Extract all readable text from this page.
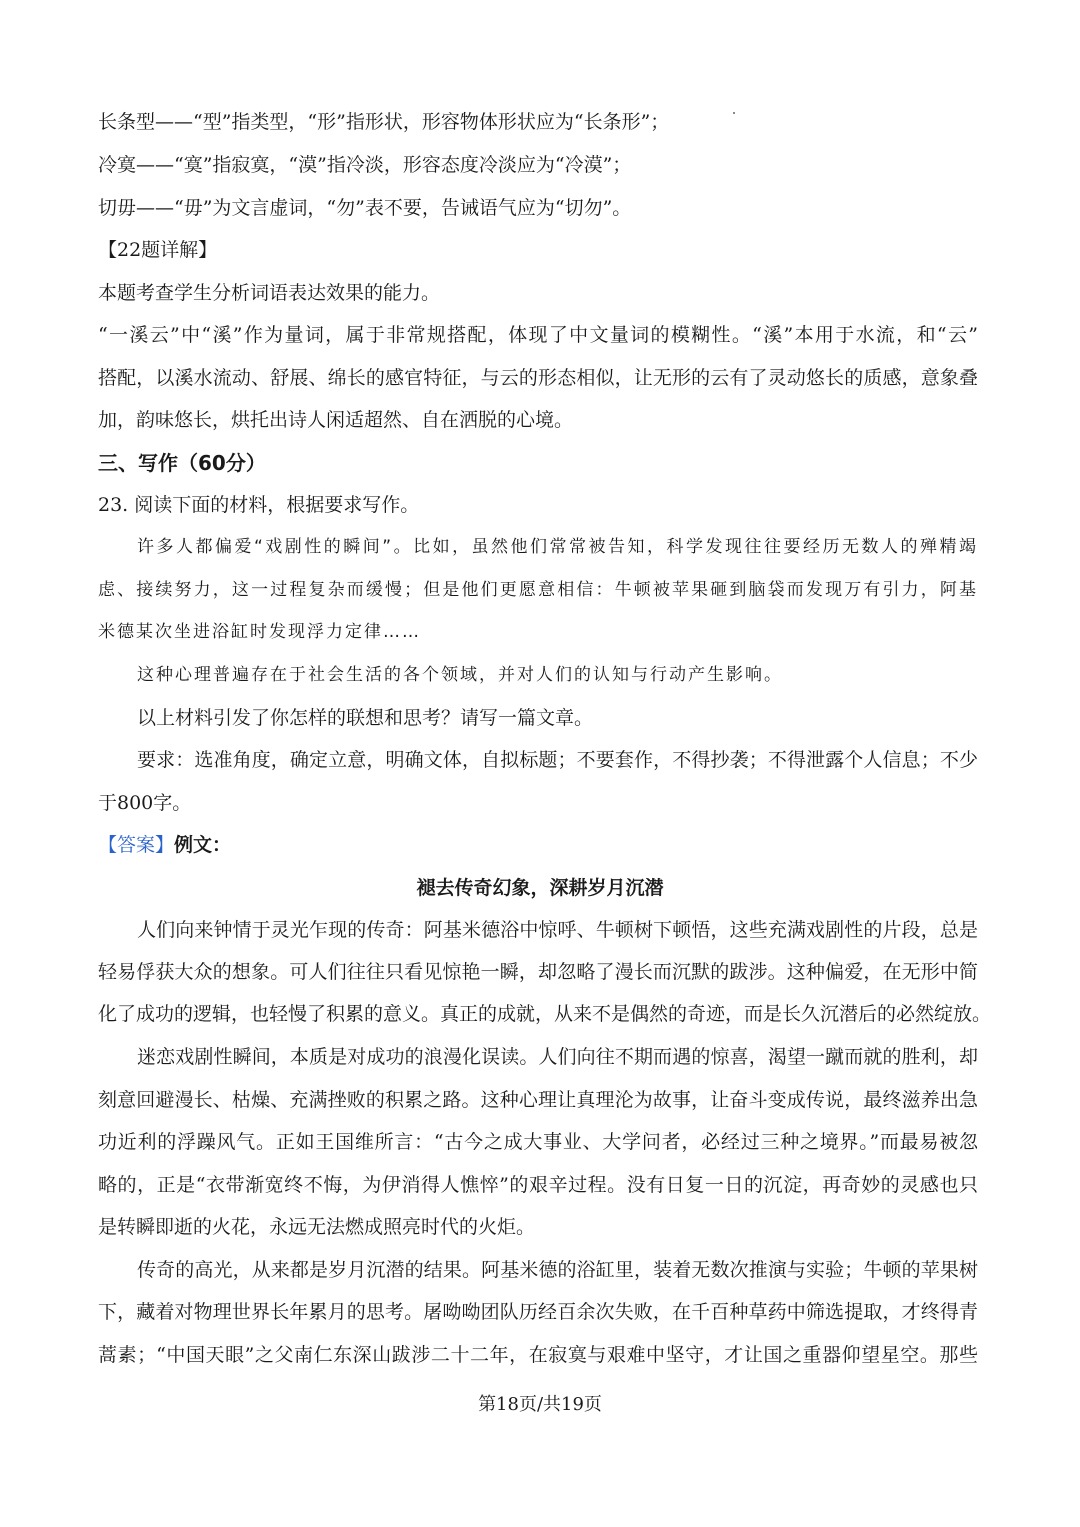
长条型——“型”指类型，“形”指形状，形容物体形状应为“长条形”；
冷寞——“寞”指寂寞，“漠”指冷淡，形容态度冷淡应为“冷漠”；
切毋——“毋”为文言虚词，“勿”表不要，告诫语气应为“切勿”。
【22题详解】
本题考查学生分析词语表达效果的能力。
“一溪云”中“溪”作为量词，属于非常规搭配，体现了中文量词的模糊性。“溪”本用于水流，和“云”
搭配，以溪水流动、舒展、绵长的感官特征，与云的形态相似，让无形的云有了灵动悠长的质感，意象叠
加，韵味悠长，烘托出诗人闲适超然、自在洒脱的心境。
三、写作（60分）
23. 阅读下面的材料，根据要求写作。
许多人都偏爱“戏剧性的瞬间”。比如，虽然他们常常被告知，科学发现往往要经历无数人的殚精竭
虑、接续努力，这一过程复杂而缓慢；但是他们更愿意相信：牛顿被苹果砸到脑袋而发现万有引力，阿基
米德某次坐进浴缸时发现浮力定律……
这种心理普遍存在于社会生活的各个领域，并对人们的认知与行动产生影响。
以上材料引发了你怎样的联想和思考？请写一篇文章。
要求：选准角度，确定立意，明确文体，自拟标题；不要套作，不得抄袭；不得泄露个人信息；不少
于800字。
【答案】例文：
褪去传奇幻象，深耕岁月沉潜
人们向来钟情于灵光乍现的传奇：阿基米德浴中惊呼、牛顿树下顿悟，这些充满戏剧性的片段，总是
轻易俘获大众的想象。可人们往往只看见惊艳一瞬，却忽略了漫长而沉默的跋涉。这种偏爱，在无形中简
化了成功的逻辑，也轻慢了积累的意义。真正的成就，从来不是偶然的奇迹，而是长久沉潜后的必然绽放。
迷恋戏剧性瞬间，本质是对成功的浪漫化误读。人们向往不期而遇的惊喜，渴望一蹴而就的胜利，却
刻意回避漫长、枯燥、充满挫败的积累之路。这种心理让真理沦为故事，让奋斗变成传说，最终滋养出急
功近利的浮躁风气。正如王国维所言：“古今之成大事业、大学问者，必经过三种之境界。”而最易被忽
略的，正是“衣带渐宽终不悔，为伊消得人憔悴”的艰辛过程。没有日复一日的沉淀，再奇妙的灵感也只
是转瞬即逝的火花，永远无法燃成照亮时代的火炬。
传奇的高光，从来都是岁月沉潜的结果。阿基米德的浴缸里，装着无数次推演与实验；牛顿的苹果树
下，藏着对物理世界长年累月的思考。屠呦呦团队历经百余次失败，在千百种草药中筛选提取，才终得青
蒿素；“中国天眼”之父南仁东深山跋涉二十二年，在寂寞与艰难中坚守，才让国之重器仰望星空。那些
第18页/共19页
